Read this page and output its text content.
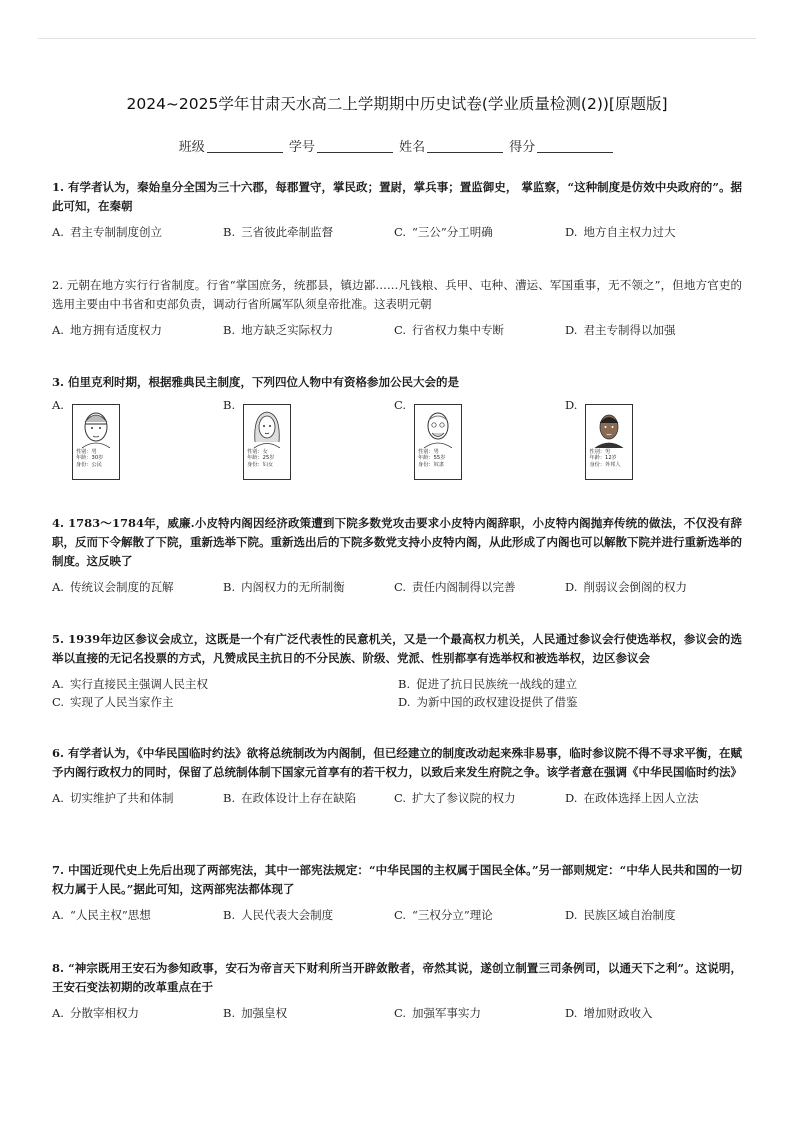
2024~2025学年甘肃天水高二上学期期中历史试卷(学业质量检测(2))[原题版]
班级	学号	姓名	得分
1. 有学者认为，秦始皇分全国为三十六郡，每郡置守，掌民政；置尉，掌兵事；置监御史， 掌监察，“这种制度是仿效中央政府的”。据此可知，在秦朝
A. 君主专制制度创立	B. 三省彼此牵制监督	C. “三公”分工明确	D. 地方自主权力过大
2. 元朝在地方实行行省制度。行省“掌国庶务，统郡县，镇边鄙……凡钱粮、兵甲、屯种、漕运、军国重事，无不领之”，但地方官吏的选用主要由中书省和吏部负责，调动行省所属军队须皇帝批准。这表明元朝
A. 地方拥有适度权力	B. 地方缺乏实际权力	C. 行省权力集中专断	D. 君主专制得以加强
3. 伯里克利时期，根据雅典民主制度，下列四位人物中有资格参加公民大会的是
A.
性别：男
年龄：30岁
身份：公民
B.
性别：女
年龄：25岁
身份：妇女
C.
性别：男
年龄：55岁
身份：奴隶
D.
性别：男
年龄：12岁
身份：外邦人
4. 1783～1784年，威廉.小皮特内阁因经济政策遭到下院多数党攻击要求小皮特内阁辞职，小皮特内阁抛弃传统的做法，不仅没有辞职，反而下令解散了下院，重新选举下院。重新选出后的下院多数党支持小皮特内阁，从此形成了内阁也可以解散下院并进行重新选举的制度。这反映了
A. 传统议会制度的瓦解	B. 内阁权力的无所制衡	C. 责任内阁制得以完善	D. 削弱议会倒阁的权力
5. 1939年边区参议会成立，这既是一个有广泛代表性的民意机关，又是一个最高权力机关，人民通过参议会行使选举权，参议会的选举以直接的无记名投票的方式，凡赞成民主抗日的不分民族、阶级、党派、性别都享有选举权和被选举权，边区参议会
A. 实行直接民主强调人民主权	B. 促进了抗日民族统一战线的建立
C. 实现了人民当家作主	D. 为新中国的政权建设提供了借鉴
6. 有学者认为，《中华民国临时约法》欲将总统制改为内阁制，但已经建立的制度改动起来殊非易事，临时参议院不得不寻求平衡，在赋予内阁行政权力的同时，保留了总统制体制下国家元首享有的若干权力，以致后来发生府院之争。该学者意在强调《中华民国临时约法》
A. 切实维护了共和体制	B. 在政体设计上存在缺陷	C. 扩大了参议院的权力	D. 在政体选择上因人立法
7. 中国近现代史上先后出现了两部宪法，其中一部宪法规定：“中华民国的主权属于国民全体。”另一部则规定：“中华人民共和国的一切权力属于人民。”据此可知，这两部宪法都体现了
A. “人民主权”思想	B. 人民代表大会制度	C. “三权分立”理论	D. 民族区域自治制度
8. “神宗既用王安石为参知政事，安石为帝言天下财利所当开辟敛散者，帝然其说，遂创立制置三司条例司，以通天下之利”。这说明，王安石变法初期的改革重点在于
A. 分散宰相权力	B. 加强皇权	C. 加强军事实力	D. 增加财政收入
